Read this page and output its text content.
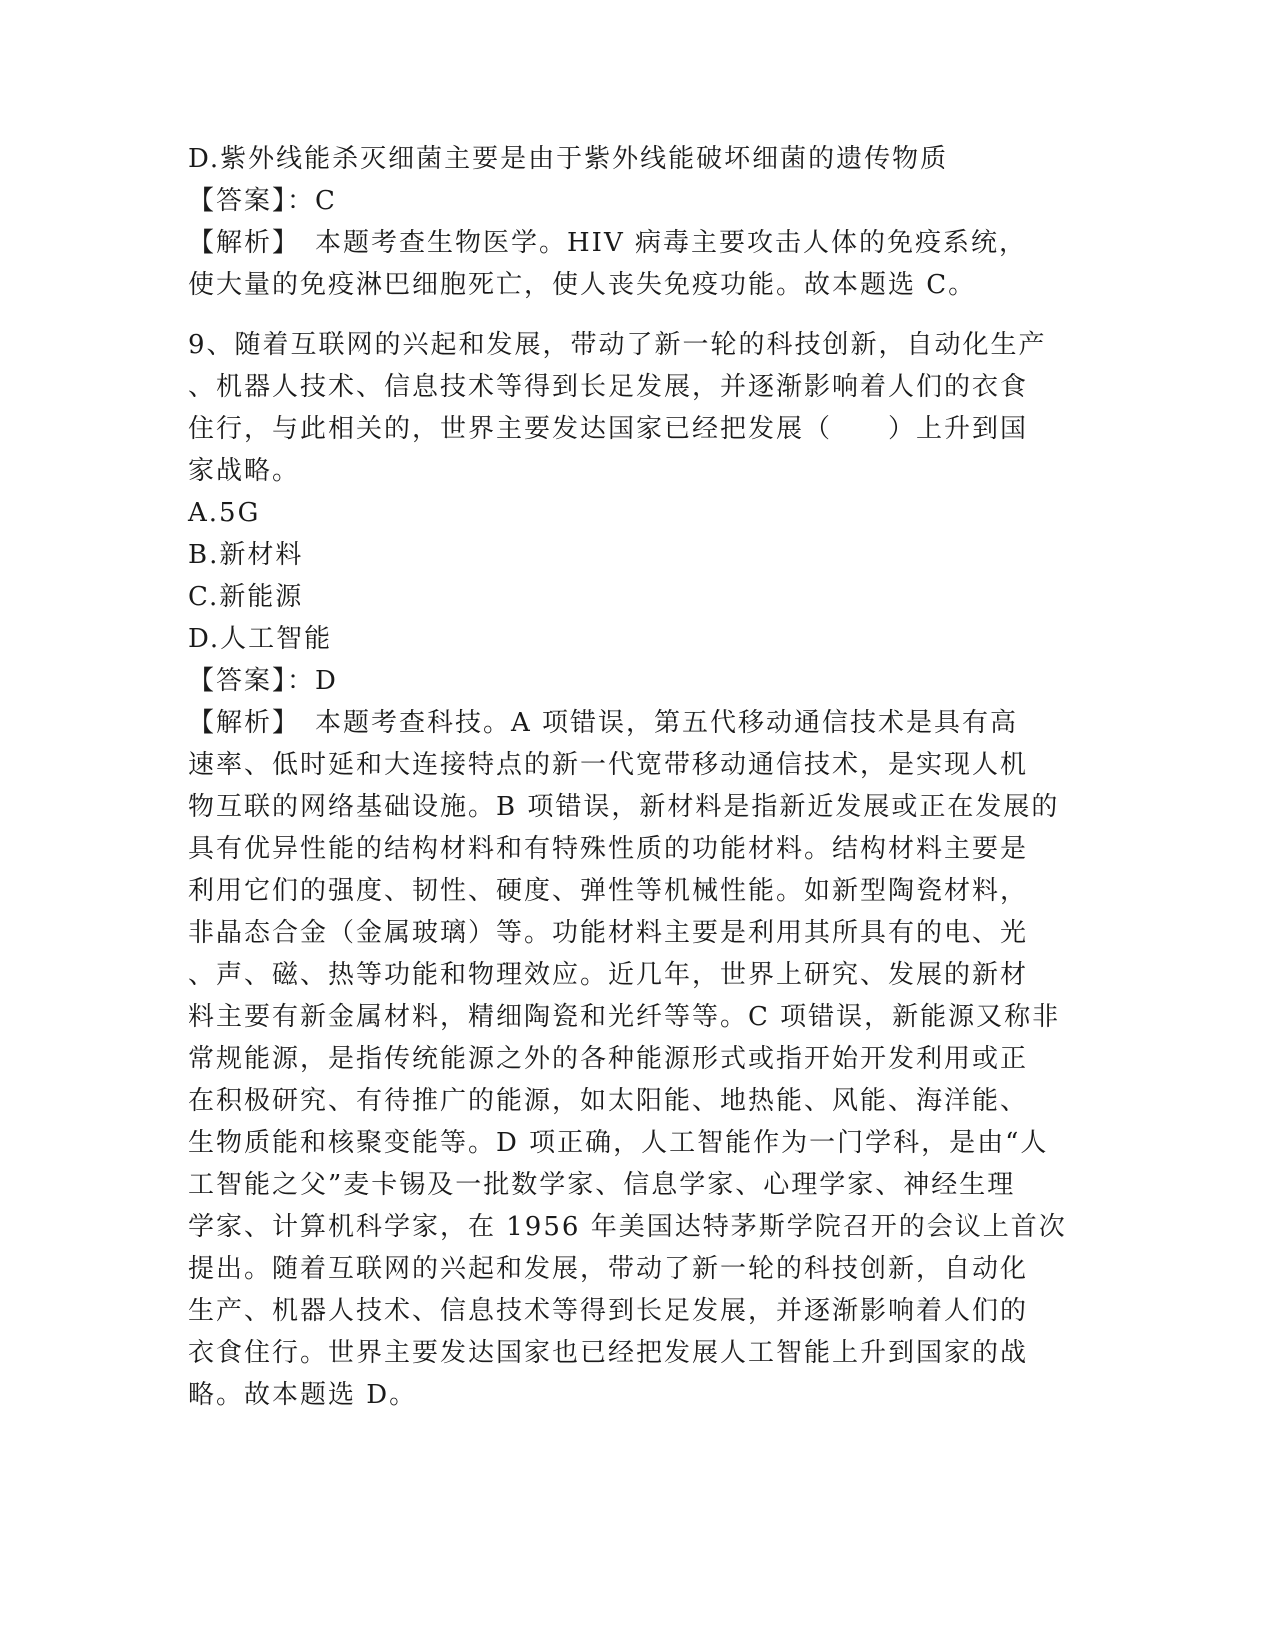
D.紫外线能杀灭细菌主要是由于紫外线能破坏细菌的遗传物质
【答案】：C
【解析】　本题考查生物医学。HIV 病毒主要攻击人体的免疫系统，
使大量的免疫淋巴细胞死亡，使人丧失免疫功能。故本题选 C。
9、随着互联网的兴起和发展，带动了新一轮的科技创新，自动化生产
、机器人技术、信息技术等得到长足发展，并逐渐影响着人们的衣食
住行，与此相关的，世界主要发达国家已经把发展（　　）上升到国
家战略。
A.5G
B.新材料
C.新能源
D.人工智能
【答案】：D
【解析】　本题考查科技。A 项错误，第五代移动通信技术是具有高
速率、低时延和大连接特点的新一代宽带移动通信技术，是实现人机
物互联的网络基础设施。B 项错误，新材料是指新近发展或正在发展的
具有优异性能的结构材料和有特殊性质的功能材料。结构材料主要是
利用它们的强度、韧性、硬度、弹性等机械性能。如新型陶瓷材料，
非晶态合金（金属玻璃）等。功能材料主要是利用其所具有的电、光
、声、磁、热等功能和物理效应。近几年，世界上研究、发展的新材
料主要有新金属材料，精细陶瓷和光纤等等。C 项错误，新能源又称非
常规能源，是指传统能源之外的各种能源形式或指开始开发利用或正
在积极研究、有待推广的能源，如太阳能、地热能、风能、海洋能、
生物质能和核聚变能等。D 项正确，人工智能作为一门学科，是由“人
工智能之父”麦卡锡及一批数学家、信息学家、心理学家、神经生理
学家、计算机科学家，在 1956 年美国达特茅斯学院召开的会议上首次
提出。随着互联网的兴起和发展，带动了新一轮的科技创新，自动化
生产、机器人技术、信息技术等得到长足发展，并逐渐影响着人们的
衣食住行。世界主要发达国家也已经把发展人工智能上升到国家的战
略。故本题选 D。
